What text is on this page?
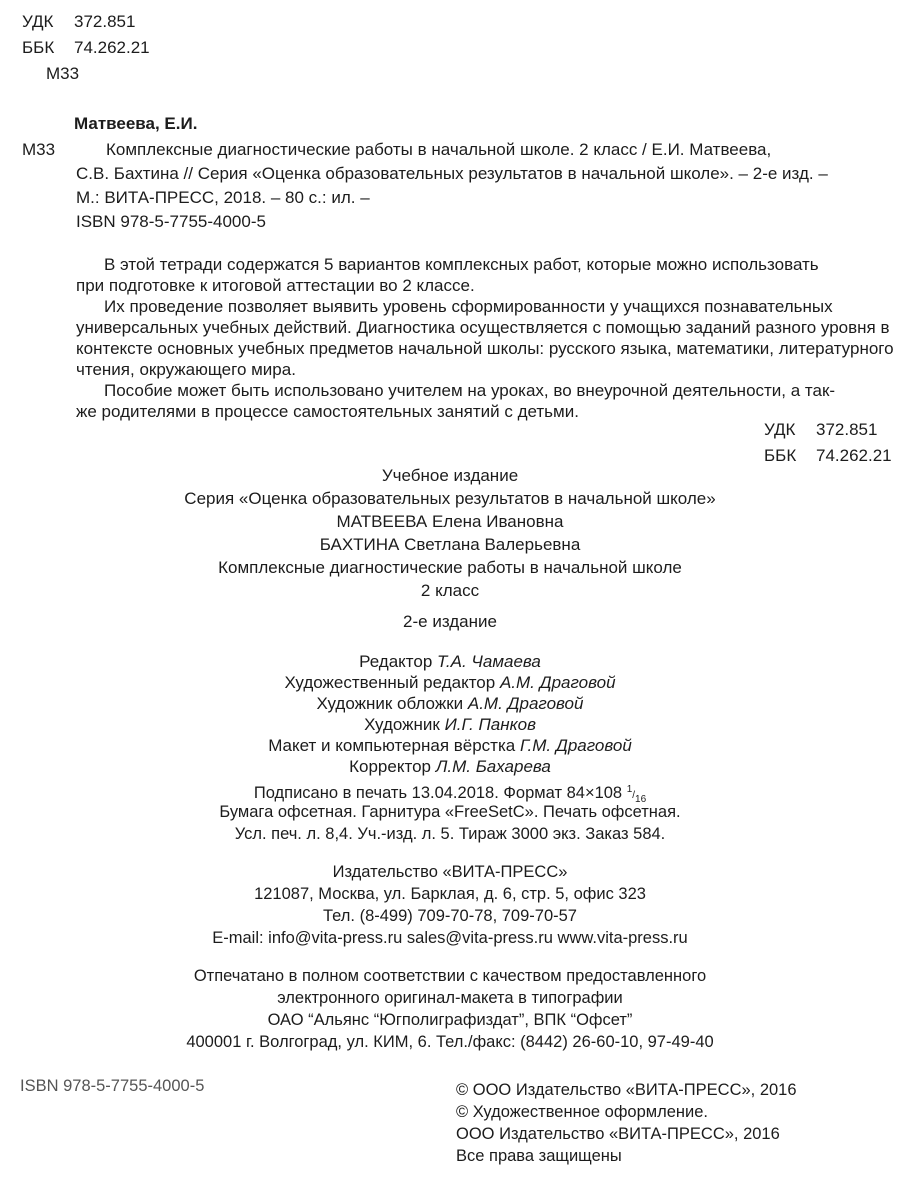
УДК 372.851
ББК 74.262.21
М33
Матвеева, Е.И.
М33	Комплексные диагностические работы в начальной школе. 2 класс / Е.И. Матвеева,
С.В. Бахтина // Серия «Оценка образовательных результатов в начальной школе». – 2-е изд. –
М.: ВИТА-ПРЕСС, 2018. – 80 с.: ил. –
ISBN 978-5-7755-4000-5
В этой тетради содержатся 5 вариантов комплексных работ, которые можно использовать
при подготовке к итоговой аттестации во 2 классе.
Их проведение позволяет выявить уровень сформированности у учащихся познавательных
универсальных учебных действий. Диагностика осуществляется с помощью заданий разного уровня в
контексте основных учебных предметов начальной школы: русского языка, математики, литературного
чтения, окружающего мира.
Пособие может быть использовано учителем на уроках, во внеурочной деятельности, а так-
же родителями в процессе самостоятельных занятий с детьми.
УДК 372.851
ББК 74.262.21
Учебное издание
Серия «Оценка образовательных результатов в начальной школе»
МАТВЕЕВА Елена Ивановна
БАХТИНА Светлана Валерьевна
Комплексные диагностические работы в начальной школе
2 класс
2-е издание
Редактор Т.А. Чамаева
Художественный редактор А.М. Драговой
Художник обложки А.М. Драговой
Художник И.Г. Панков
Макет и компьютерная вёрстка Г.М. Драговой
Корректор Л.М. Бахарева
Подписано в печать 13.04.2018. Формат 84×108 1/16
Бумага офсетная. Гарнитура «FreeSetC». Печать офсетная.
Усл. печ. л. 8,4. Уч.-изд. л. 5. Тираж 3000 экз. Заказ 584.
Издательство «ВИТА-ПРЕСС»
121087, Москва, ул. Барклая, д. 6, стр. 5, офис 323
Тел. (8-499) 709-70-78, 709-70-57
E-mail: info@vita-press.ru sales@vita-press.ru www.vita-press.ru
Отпечатано в полном соответствии с качеством предоставленного
электронного оригинал-макета в типографии
ОАО “Альянс “Югполиграфиздат”, ВПК “Офсет”
400001 г. Волгоград, ул. КИМ, 6. Тел./факс: (8442) 26-60-10, 97-49-40
ISBN 978-5-7755-4000-5	© ООО Издательство «ВИТА-ПРЕСС», 2016
© Художественное оформление.
ООО Издательство «ВИТА-ПРЕСС», 2016
Все права защищены
